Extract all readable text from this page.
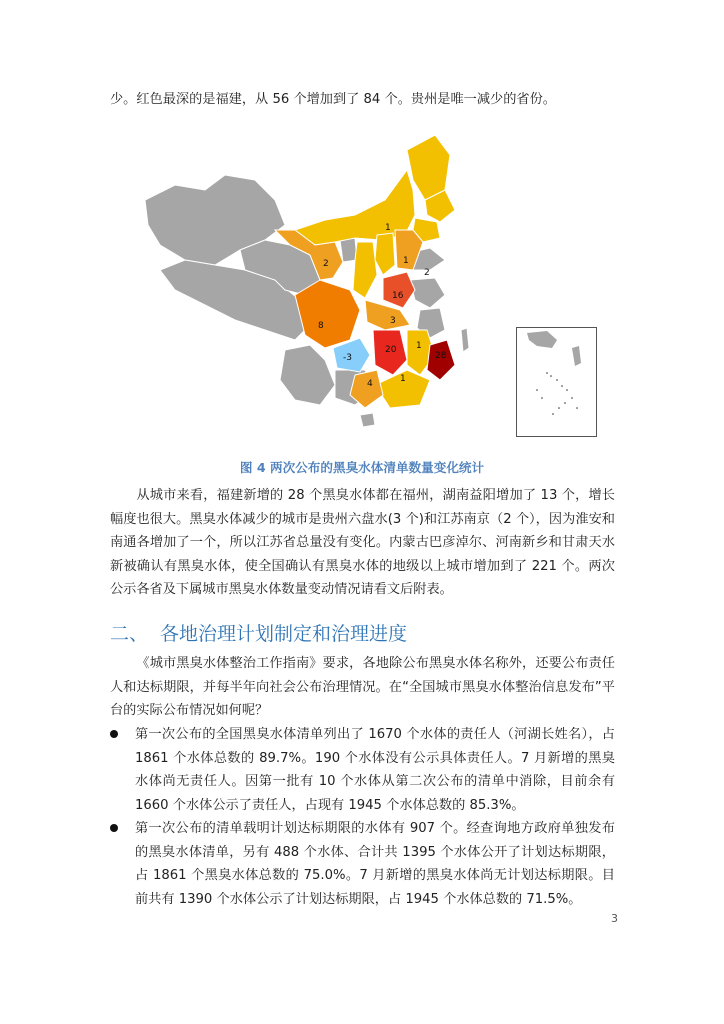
少。红色最深的是福建，从 56 个增加到了 84 个。贵州是唯一减少的省份。
1
2	1
2
16
8	3
20 1
28
-3
4	1
图 4 两次公布的黑臭水体清单数量变化统计
从城市来看，福建新增的 28 个黑臭水体都在福州，湖南益阳增加了 13 个，增长幅度也很大。黑臭水体减少的城市是贵州六盘水(3 个)和江苏南京（2 个），因为淮安和南通各增加了一个，所以江苏省总量没有变化。内蒙古巴彦淖尔、河南新乡和甘肃天水新被确认有黑臭水体，使全国确认有黑臭水体的地级以上城市增加到了 221 个。两次公示各省及下属城市黑臭水体数量变动情况请看文后附表。
二、 各地治理计划制定和治理进度
《城市黑臭水体整治工作指南》要求，各地除公布黑臭水体名称外，还要公布责任人和达标期限，并每半年向社会公布治理情况。在“全国城市黑臭水体整治信息发布”平台的实际公布情况如何呢？
第一次公布的全国黑臭水体清单列出了 1670 个水体的责任人（河湖长姓名），占 1861 个水体总数的 89.7%。190 个水体没有公示具体责任人。7 月新增的黑臭水体尚无责任人。因第一批有 10 个水体从第二次公布的清单中消除，目前余有 1660 个水体公示了责任人，占现有 1945 个水体总数的 85.3%。
第一次公布的清单载明计划达标期限的水体有 907 个。经查询地方政府单独发布的黑臭水体清单，另有 488 个水体、合计共 1395 个水体公开了计划达标期限，占 1861 个黑臭水体总数的 75.0%。7 月新增的黑臭水体尚无计划达标期限。目前共有 1390 个水体公示了计划达标期限，占 1945 个水体总数的 71.5%。
3
